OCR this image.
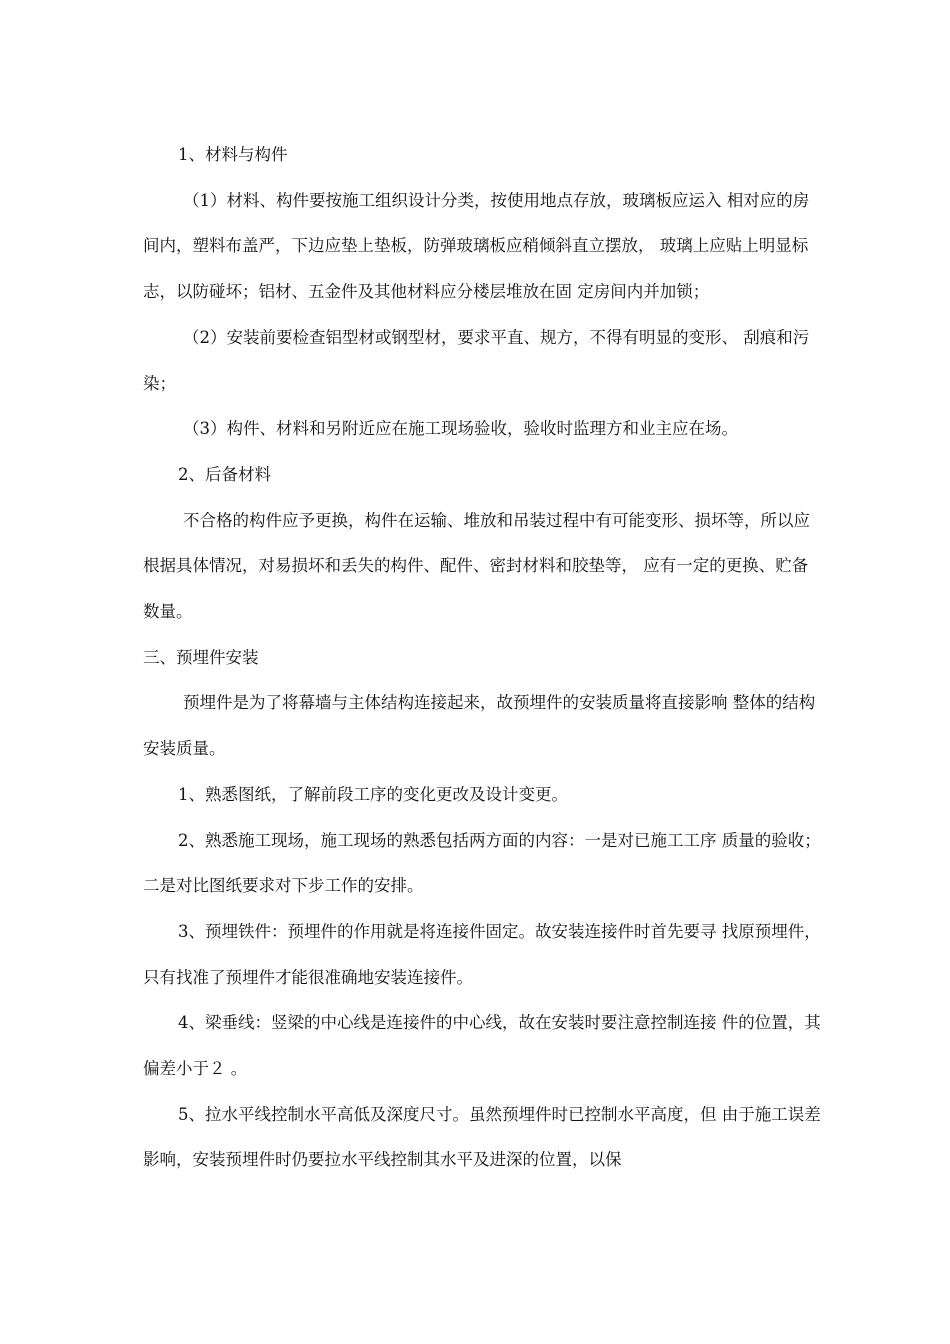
1、材料与构件

（1）材料、构件要按施工组织设计分类，按使用地点存放，玻璃板应运入 相对应的房间内，塑料布盖严，下边应垫上垫板，防弹玻璃板应稍倾斜直立摆放， 玻璃上应贴上明显标志，以防碰坏；铝材、五金件及其他材料应分楼层堆放在固 定房间内并加锁；

（2）安装前要检查铝型材或钢型材，要求平直、规方，不得有明显的变形、 刮痕和污染；

（3）构件、材料和另附近应在施工现场验收，验收时监理方和业主应在场。

2、后备材料

不合格的构件应予更换，构件在运输、堆放和吊装过程中有可能变形、损坏等，所以应根据具体情况，对易损坏和丢失的构件、配件、密封材料和胶垫等， 应有一定的更换、贮备数量。

三、预埋件安装

预埋件是为了将幕墙与主体结构连接起来，故预埋件的安装质量将直接影响 整体的结构安装质量。

1、熟悉图纸，了解前段工序的变化更改及设计变更。

2、熟悉施工现场，施工现场的熟悉包括两方面的内容：一是对已施工工序 质量的验收；二是对比图纸要求对下步工作的安排。

3、预埋铁件：预埋件的作用就是将连接件固定。故安装连接件时首先要寻 找原预埋件，只有找准了预埋件才能很准确地安装连接件。

4、梁垂线：竖梁的中心线是连接件的中心线，故在安装时要注意控制连接 件的位置，其偏差小于２ 。

5、拉水平线控制水平高低及深度尺寸。虽然预埋件时已控制水平高度，但 由于施工误差影响，安装预埋件时仍要拉水平线控制其水平及进深的位置，以保
